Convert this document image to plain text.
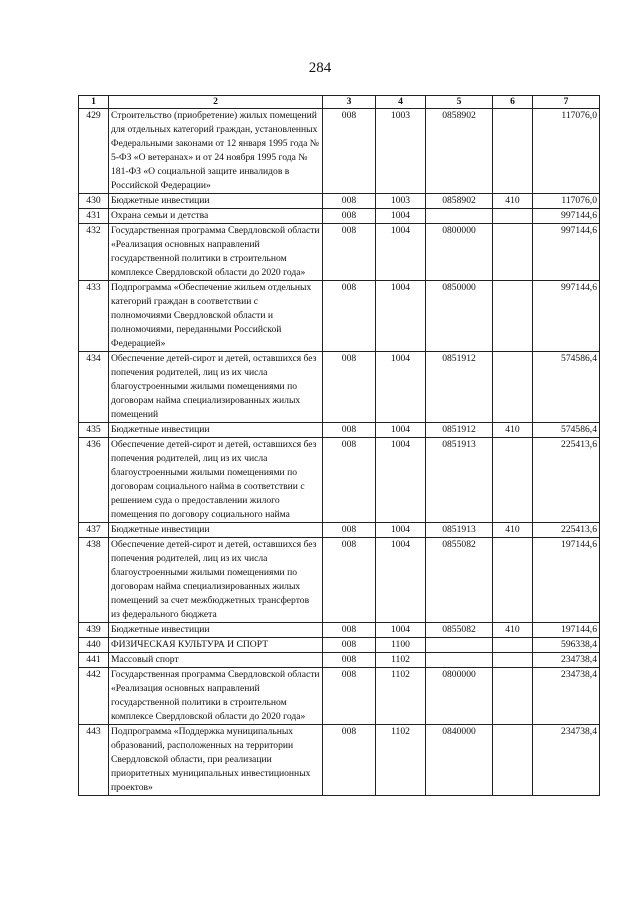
284
1	2	3	4	5	6	7
429	Строительство (приобретение) жилых помещений для отдельных категорий граждан, установленных Федеральными законами от 12 января 1995 года № 5-ФЗ «О ветеранах» и от 24 ноября 1995 года № 181-ФЗ «О социальной защите инвалидов в Российской Федерации»	008	1003	0858902		117076,0
430	Бюджетные инвестиции	008	1003	0858902	410	117076,0
431	Охрана семьи и детства	008	1004			997144,6
432	Государственная программа Свердловской области «Реализация основных направлений государственной политики в строительном комплексе Свердловской области до 2020 года»	008	1004	0800000		997144,6
433	Подпрограмма «Обеспечение жильем отдельных категорий граждан в соответствии с полномочиями Свердловской области и полномочиями, переданными Российской Федерацией»	008	1004	0850000		997144,6
434	Обеспечение детей-сирот и детей, оставшихся без попечения родителей, лиц из их числа благоустроенными жилыми помещениями по договорам найма специализированных жилых помещений	008	1004	0851912		574586,4
435	Бюджетные инвестиции	008	1004	0851912	410	574586,4
436	Обеспечение детей-сирот и детей, оставшихся без попечения родителей, лиц из их числа благоустроенными жилыми помещениями по договорам социального найма в соответствии с решением суда о предоставлении жилого помещения по договору социального найма	008	1004	0851913		225413,6
437	Бюджетные инвестиции	008	1004	0851913	410	225413,6
438	Обеспечение детей-сирот и детей, оставшихся без попечения родителей, лиц из их числа благоустроенными жилыми помещениями по договорам найма специализированных жилых помещений за счет межбюджетных трансфертов из федерального бюджета	008	1004	0855082		197144,6
439	Бюджетные инвестиции	008	1004	0855082	410	197144,6
440	ФИЗИЧЕСКАЯ КУЛЬТУРА И СПОРТ	008	1100			596338,4
441	Массовый спорт	008	1102			234738,4
442	Государственная программа Свердловской области «Реализация основных направлений государственной политики в строительном комплексе Свердловской области до 2020 года»	008	1102	0800000		234738,4
443	Подпрограмма «Поддержка муниципальных образований, расположенных на территории Свердловской области, при реализации приоритетных муниципальных инвестиционных проектов»	008	1102	0840000		234738,4
